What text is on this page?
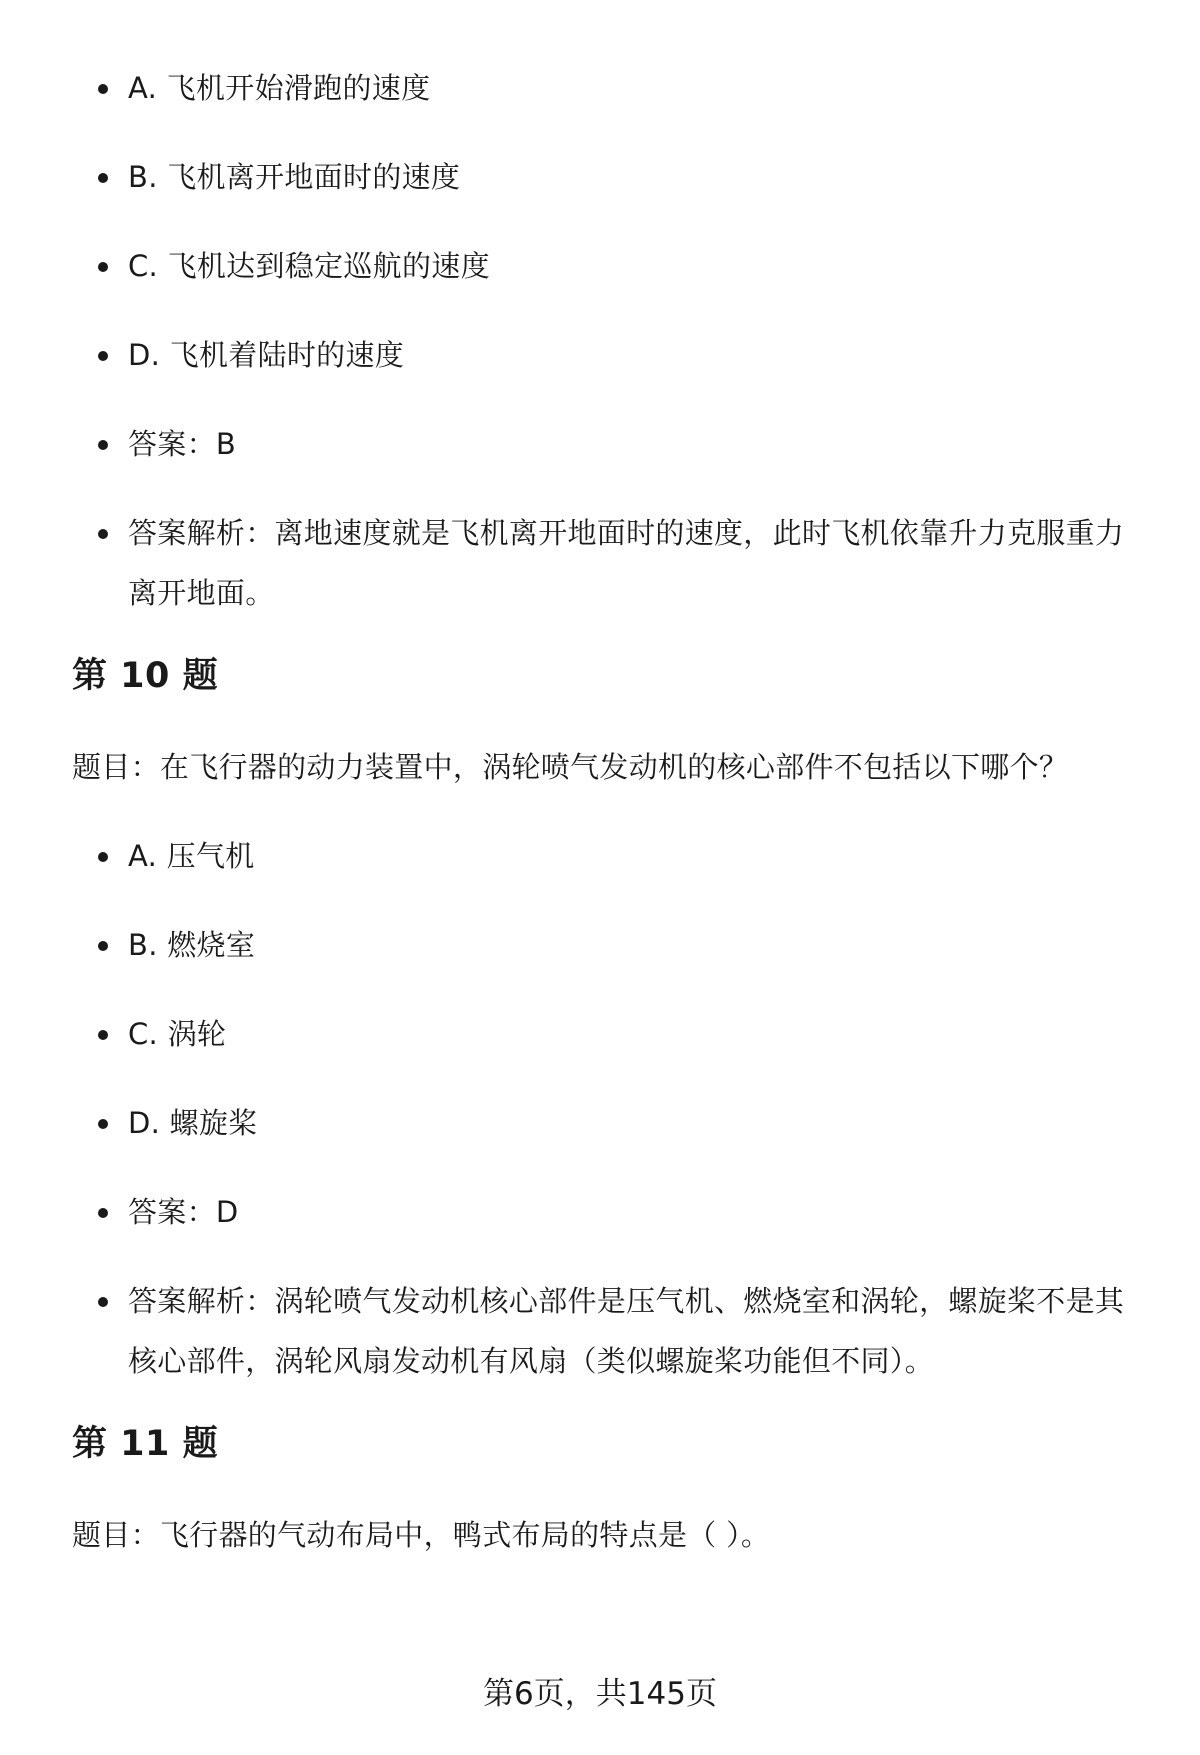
A. 飞机开始滑跑的速度
B. 飞机离开地面时的速度
C. 飞机达到稳定巡航的速度
D. 飞机着陆时的速度
答案：B
答案解析：离地速度就是飞机离开地面时的速度，此时飞机依靠升力克服重力离开地面。
第 10 题
题目：在飞行器的动力装置中，涡轮喷气发动机的核心部件不包括以下哪个？
A. 压气机
B. 燃烧室
C. 涡轮
D. 螺旋桨
答案：D
答案解析：涡轮喷气发动机核心部件是压气机、燃烧室和涡轮，螺旋桨不是其核心部件，涡轮风扇发动机有风扇（类似螺旋桨功能但不同）。
第 11 题
题目：飞行器的气动布局中，鸭式布局的特点是（ ）。
第6页，共145页
